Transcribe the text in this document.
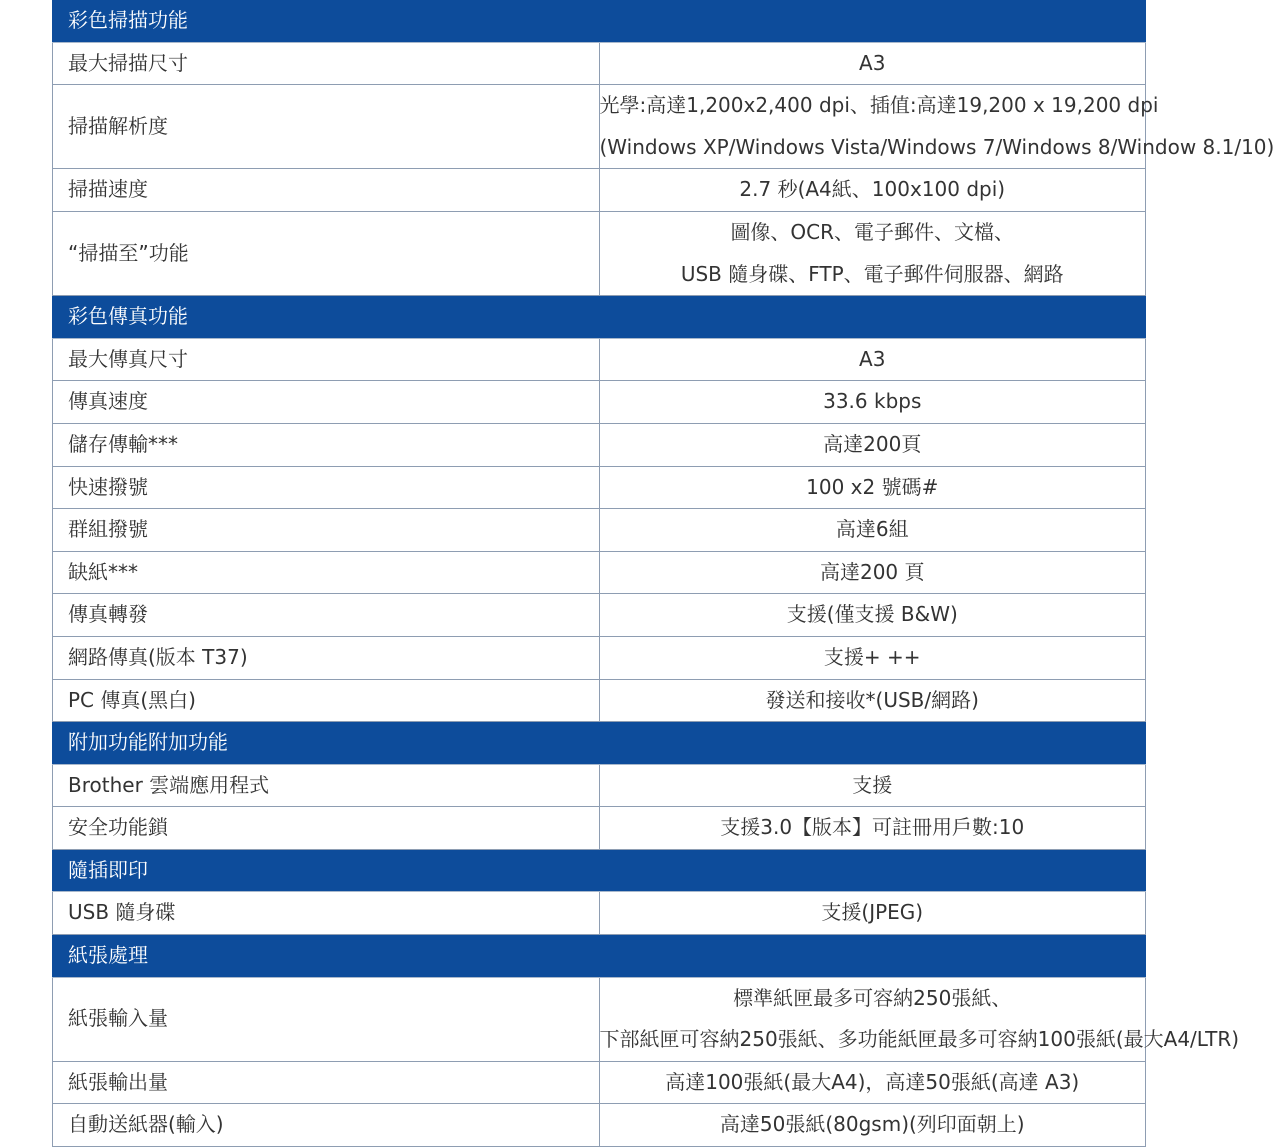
彩色掃描功能	
最大掃描尺寸	A3

掃描解析度	光學:高達1,200x2,400 dpi、插值:高達19,200 x 19,200 dpi
(Windows XP/Windows Vista/Windows 7/Windows 8/Window 8.1/10)

掃描速度	2.7 秒(A4紙、100x100 dpi)

“掃描至”功能	圖像、OCR、電子郵件、文檔、
USB 隨身碟、FTP、電子郵件伺服器、網路

彩色傳真功能	
最大傳真尺寸	A3

傳真速度	33.6 kbps

儲存傳輸***	高達200頁

快速撥號	100 x2 號碼#

群組撥號	高達6組

缺紙***	高達200 頁

傳真轉發	支援(僅支援 B&W)

網路傳真(版本 T37)	支援+ ++

PC 傳真(黑白)	發送和接收*(USB/網路)

附加功能附加功能	
Brother 雲端應用程式	支援

安全功能鎖	支援3.0【版本】可註冊用戶數:10

隨插即印	
USB 隨身碟	支援(JPEG)

紙張處理	
紙張輸入量	標準紙匣最多可容納250張紙、
下部紙匣可容納250張紙、多功能紙匣最多可容納100張紙(最大A4/LTR)

紙張輸出量	高達100張紙(最大A4)，高達50張紙(高達 A3)

自動送紙器(輸入)	高達50張紙(80gsm)(列印面朝上)
